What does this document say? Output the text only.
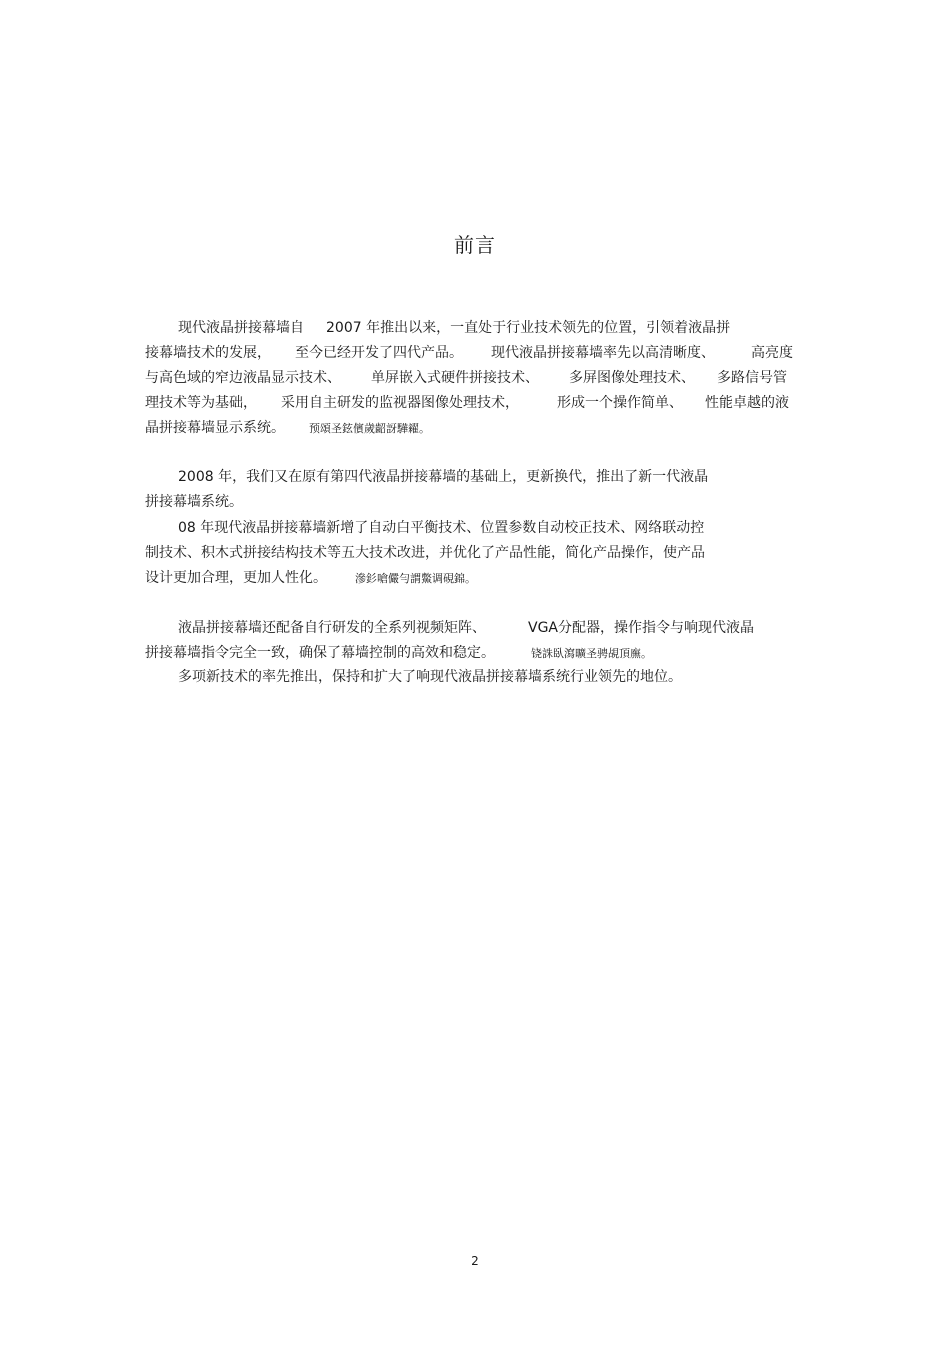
前言
现代液晶拼接幕墙自 2007 年推出以来，一直处于行业技术领先的位置，引领着液晶拼
接幕墙技术的发展， 至今已经开发了四代产品。 现代液晶拼接幕墙率先以高清晰度、	高亮度
与高色域的窄边液晶显示技术、 单屏嵌入式硬件拼接技术、 多屏图像处理技术、 多路信号管
理技术等为基础， 采用自主研发的监视器图像处理技术，	形成一个操作简单、 性能卓越的液
晶拼接幕墙显示系统。 预頌圣鉉儐歲齠訝驊糴。
2008 年，我们又在原有第四代液晶拼接幕墙的基础上，更新换代，推出了新一代液晶
拼接幕墙系统。
08 年现代液晶拼接幕墙新增了自动白平衡技术、位置参数自动校正技术、网络联动控
制技术、积木式拼接结构技术等五大技术改进，并优化了产品性能，简化产品操作，使产品
设计更加合理，更加人性化。	滲釤嗆儼勻謂鱉调硯錦。
液晶拼接幕墙还配备自行研发的全系列视频矩阵、	VGA分配器，操作指令与响现代液晶
拼接幕墙指令完全一致，确保了幕墙控制的高效和稳定。	铙誅臥瀉曠圣骋覘頂廡。
多项新技术的率先推出，保持和扩大了响现代液晶拼接幕墙系统行业领先的地位。
2
